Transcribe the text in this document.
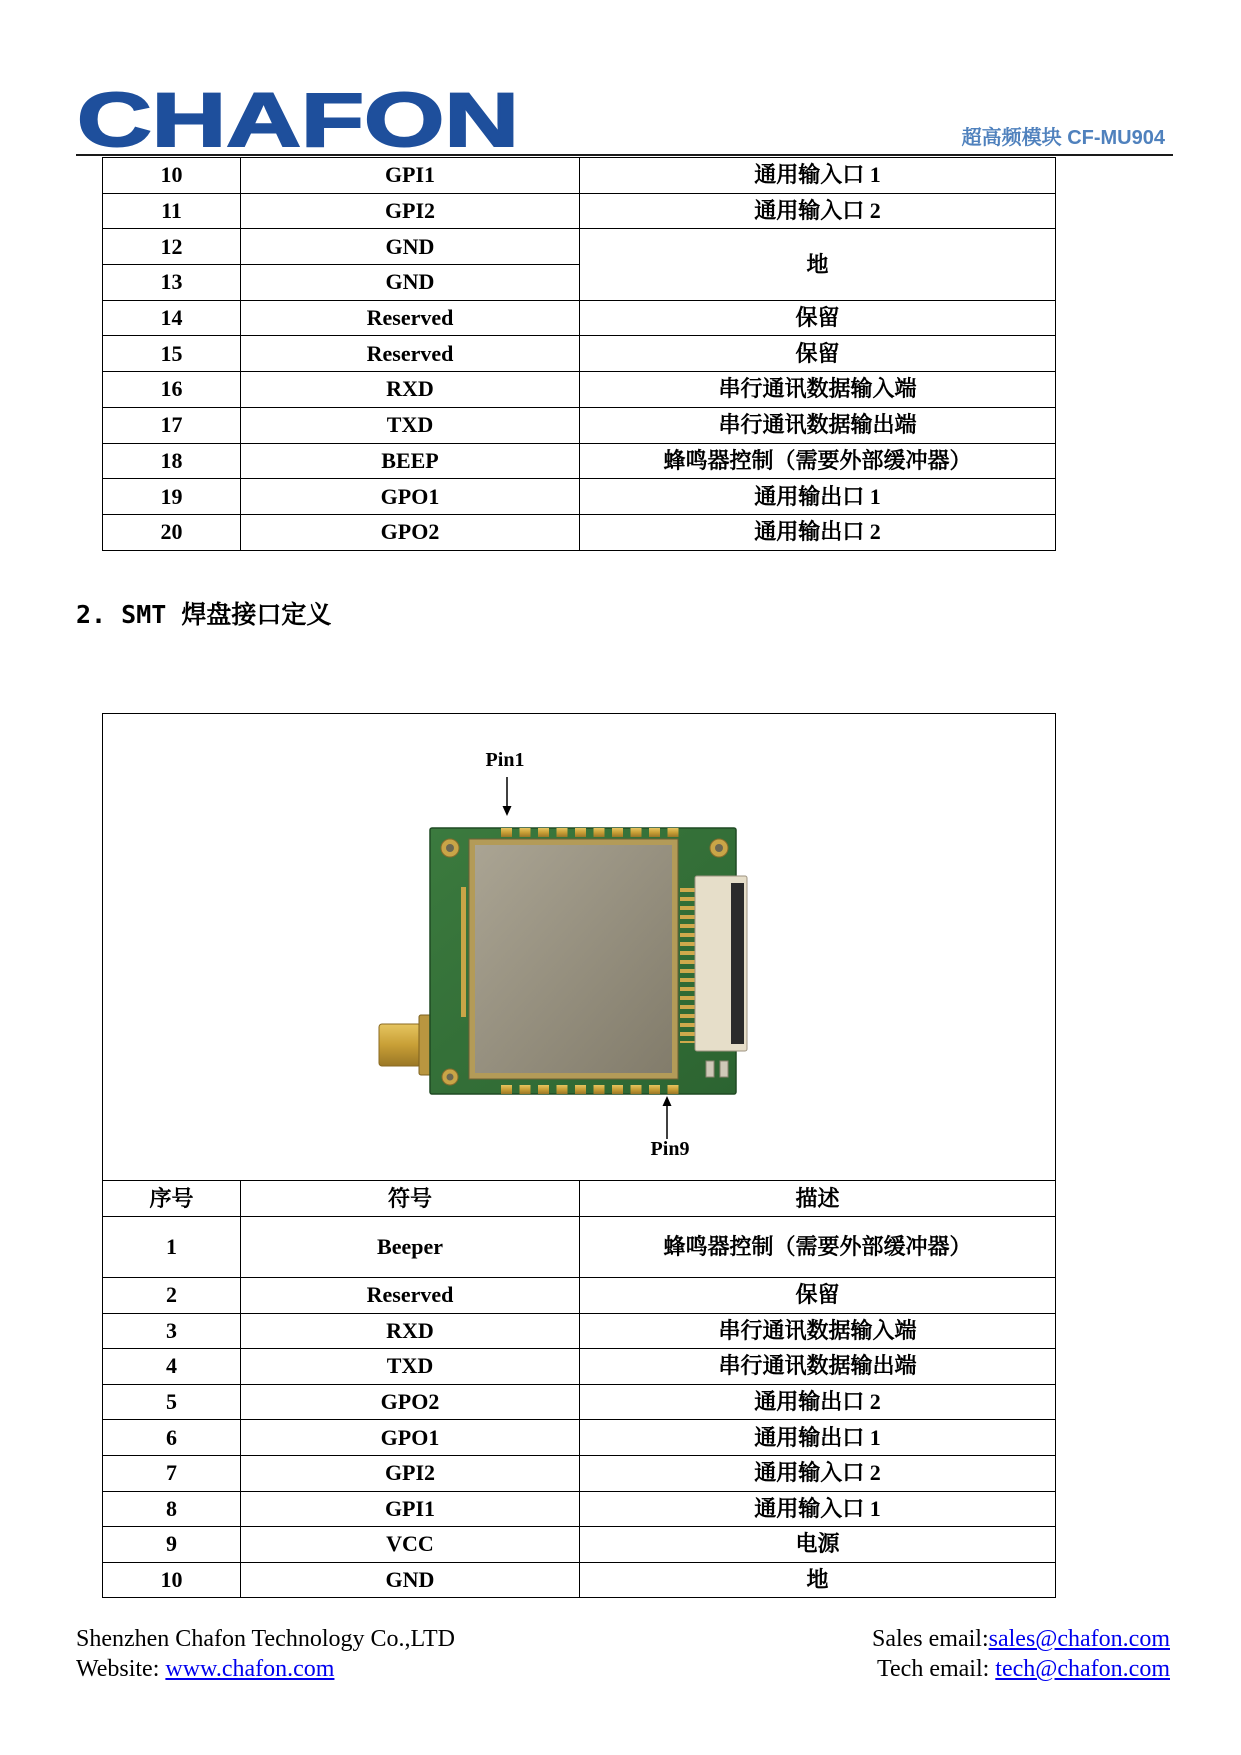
CHAFON	超高频模块 CF-MU904
10	GPI1	通用输入口 1
11	GPI2	通用输入口 2
12	GND	地
13	GND	
14	Reserved	保留
15	Reserved	保留
16	RXD	串行通讯数据输入端
17	TXD	串行通讯数据输出端
18	BEEP	蜂鸣器控制（需要外部缓冲器）
19	GPO1	通用输出口 1
20	GPO2	通用输出口 2
2. SMT 焊盘接口定义
Pin1
Pin9		

序号	符号	描述
1	Beeper	蜂鸣器控制（需要外部缓冲器）
2	Reserved	保留
3	RXD	串行通讯数据输入端
4	TXD	串行通讯数据输出端
5	GPO2	通用输出口 2
6	GPO1	通用输出口 1
7	GPI2	通用输入口 2
8	GPI1	通用输入口 1
9	VCC	电源
10	GND	地
Shenzhen Chafon Technology Co.,LTD
Website: www.chafon.com
Sales email:sales@chafon.com
Tech email: tech@chafon.com
